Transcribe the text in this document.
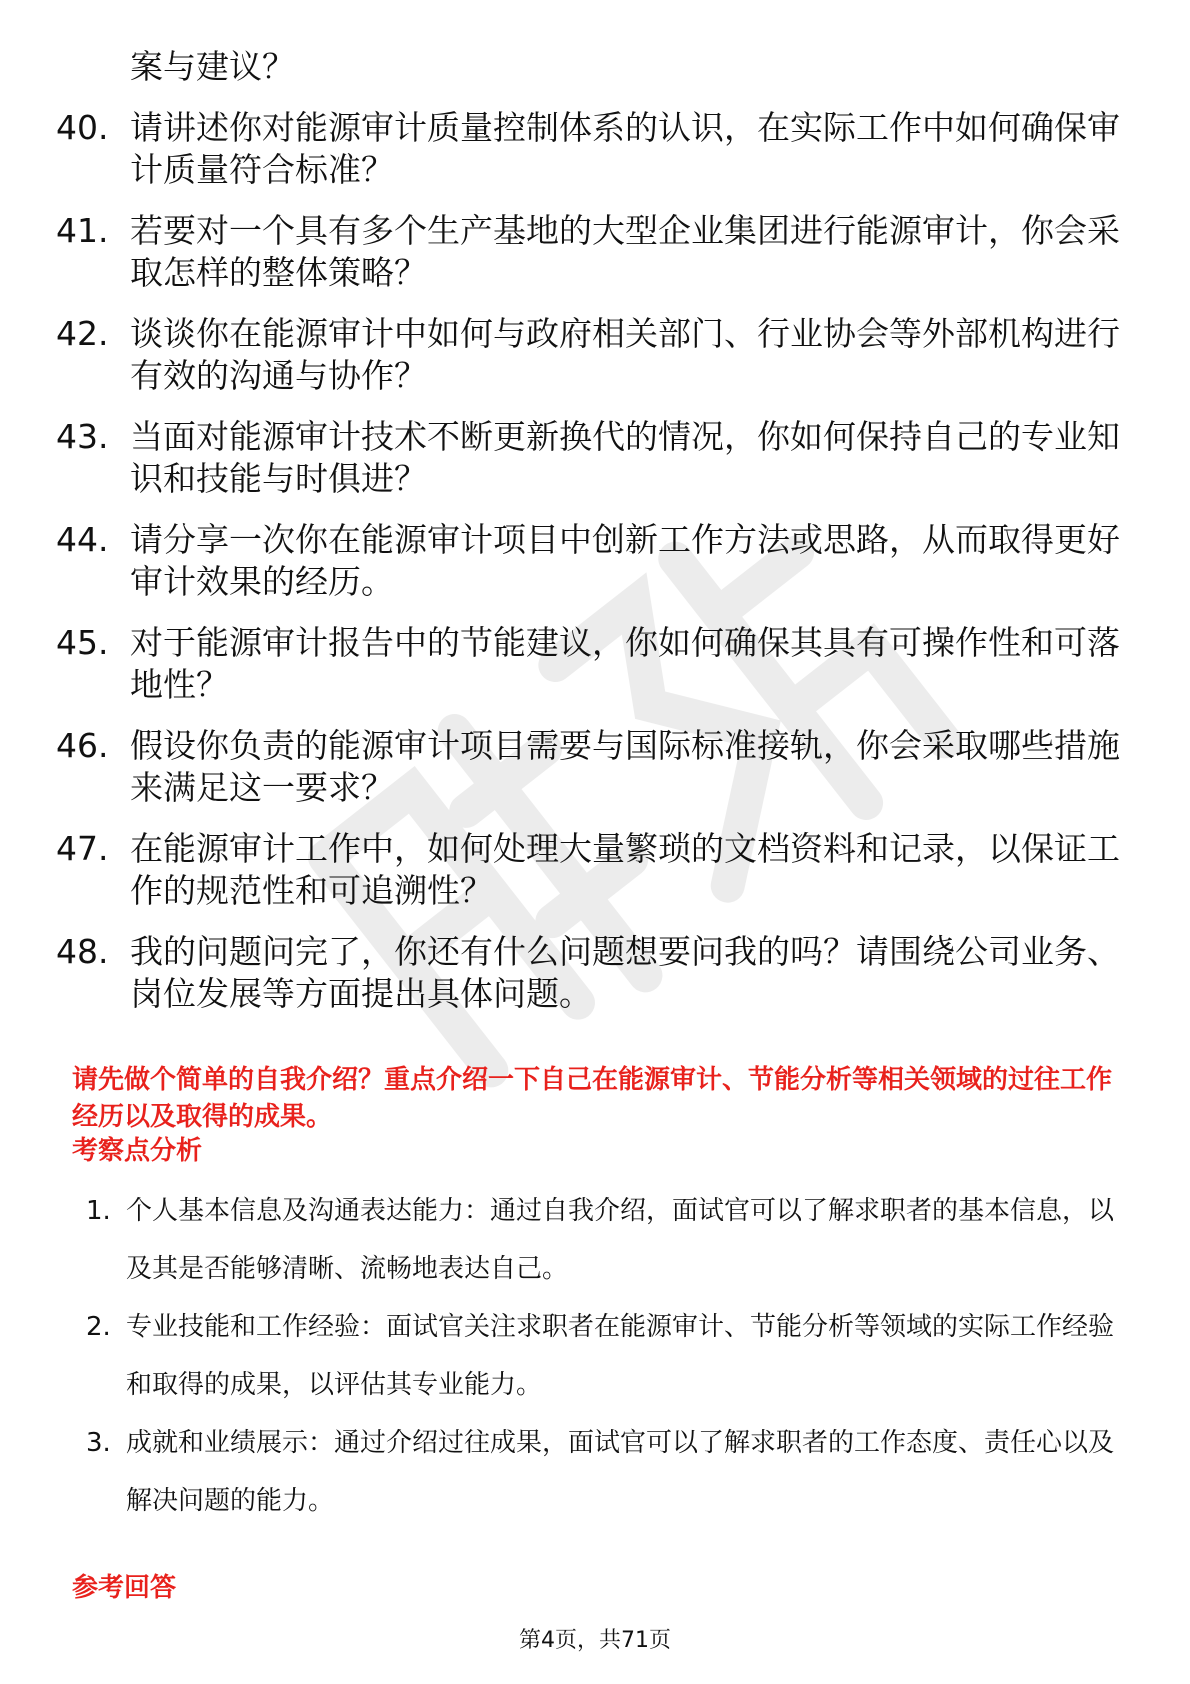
案与建议？
40. 请讲述你对能源审计质量控制体系的认识，在实际工作中如何确保审计质量符合标准？
41. 若要对一个具有多个生产基地的大型企业集团进行能源审计，你会采取怎样的整体策略？
42. 谈谈你在能源审计中如何与政府相关部门、行业协会等外部机构进行有效的沟通与协作？
43. 当面对能源审计技术不断更新换代的情况，你如何保持自己的专业知识和技能与时俱进？
44. 请分享一次你在能源审计项目中创新工作方法或思路，从而取得更好审计效果的经历。
45. 对于能源审计报告中的节能建议，你如何确保其具有可操作性和可落地性？
46. 假设你负责的能源审计项目需要与国际标准接轨，你会采取哪些措施来满足这一要求？
47. 在能源审计工作中，如何处理大量繁琐的文档资料和记录，以保证工作的规范性和可追溯性？
48. 我的问题问完了，你还有什么问题想要问我的吗？请围绕公司业务、岗位发展等方面提出具体问题。
请先做个简单的自我介绍？重点介绍一下自己在能源审计、节能分析等相关领域的过往工作经历以及取得的成果。
考察点分析
1. 个人基本信息及沟通表达能力：通过自我介绍，面试官可以了解求职者的基本信息，以及其是否能够清晰、流畅地表达自己。
2. 专业技能和工作经验：面试官关注求职者在能源审计、节能分析等领域的实际工作经验和取得的成果，以评估其专业能力。
3. 成就和业绩展示：通过介绍过往成果，面试官可以了解求职者的工作态度、责任心以及解决问题的能力。
参考回答
第4页，共71页
